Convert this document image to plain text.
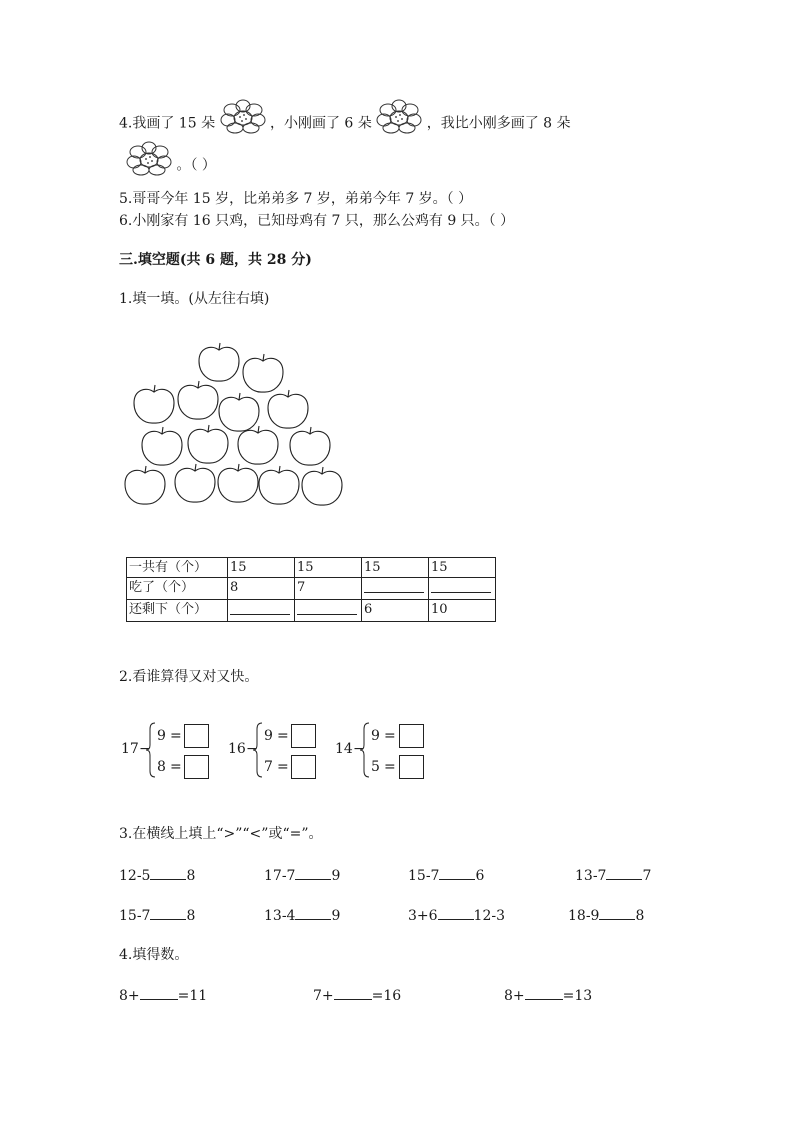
4.我画了 15 朵	，小刚画了 6 朵	，我比小刚多画了 8 朵
。（ ）
5.哥哥今年 15 岁，比弟弟多 7 岁，弟弟今年 7 岁。（ ）
6.小刚家有 16 只鸡，已知母鸡有 7 只，那么公鸡有 9 只。（ ）
三.填空题(共 6 题，共 28 分)
1.填一填。(从左往右填)
一共有（个）	15	15	15	15
吃了（个）	8	7		
还剩下（个）			6	10
2.看谁算得又对又快。
17 −
9 =
8 =
16 −
9 =
7 =
14 −
9 =
5 =
3.在横线上填上“>”“<”或“=”。
12-5	8	17-7	9	15-7	6	13-7	7
15-7	8	13-4	9	3+6	12-3	18-9	8
4.填得数。
8+	=11	7+	=16	8+	=13
